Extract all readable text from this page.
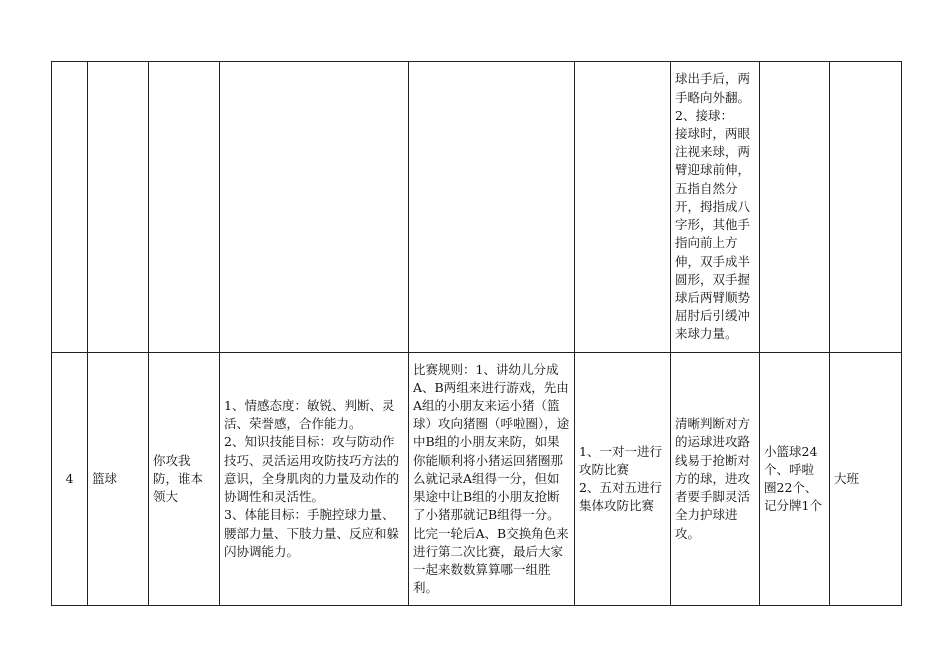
						球出手后，两手略向外翻。
2、接球：
接球时，两眼注视来球，两臂迎球前伸，五指自然分开，拇指成八字形，其他手指向前上方伸，双手成半圆形，双手握球后两臂顺势屈肘后引缓冲来球力量。		
4	篮球	你攻我防，谁本领大	1、情感态度：敏锐、判断、灵活、荣誉感，合作能力。
2、知识技能目标：攻与防动作技巧、灵活运用攻防技巧方法的意识，全身肌肉的力量及动作的协调性和灵活性。
3、体能目标：手腕控球力量、腰部力量、下肢力量、反应和躲闪协调能力。	比赛规则：1、讲幼儿分成A、B两组来进行游戏，先由A组的小朋友来运小猪（篮球）攻向猪圈（呼啦圈），途中B组的小朋友来防，如果你能顺利将小猪运回猪圈那么就记录A组得一分，但如果途中让B组的小朋友抢断了小猪那就记B组得一分。比完一轮后A、B交换角色来进行第二次比赛，最后大家一起来数数算算哪一组胜利。	1、一对一进行攻防比赛
2、五对五进行集体攻防比赛	清晰判断对方的运球进攻路线易于抢断对方的球，进攻者要手脚灵活全力护球进攻。	小篮球24个、呼啦圈22个、记分牌1个	大班
